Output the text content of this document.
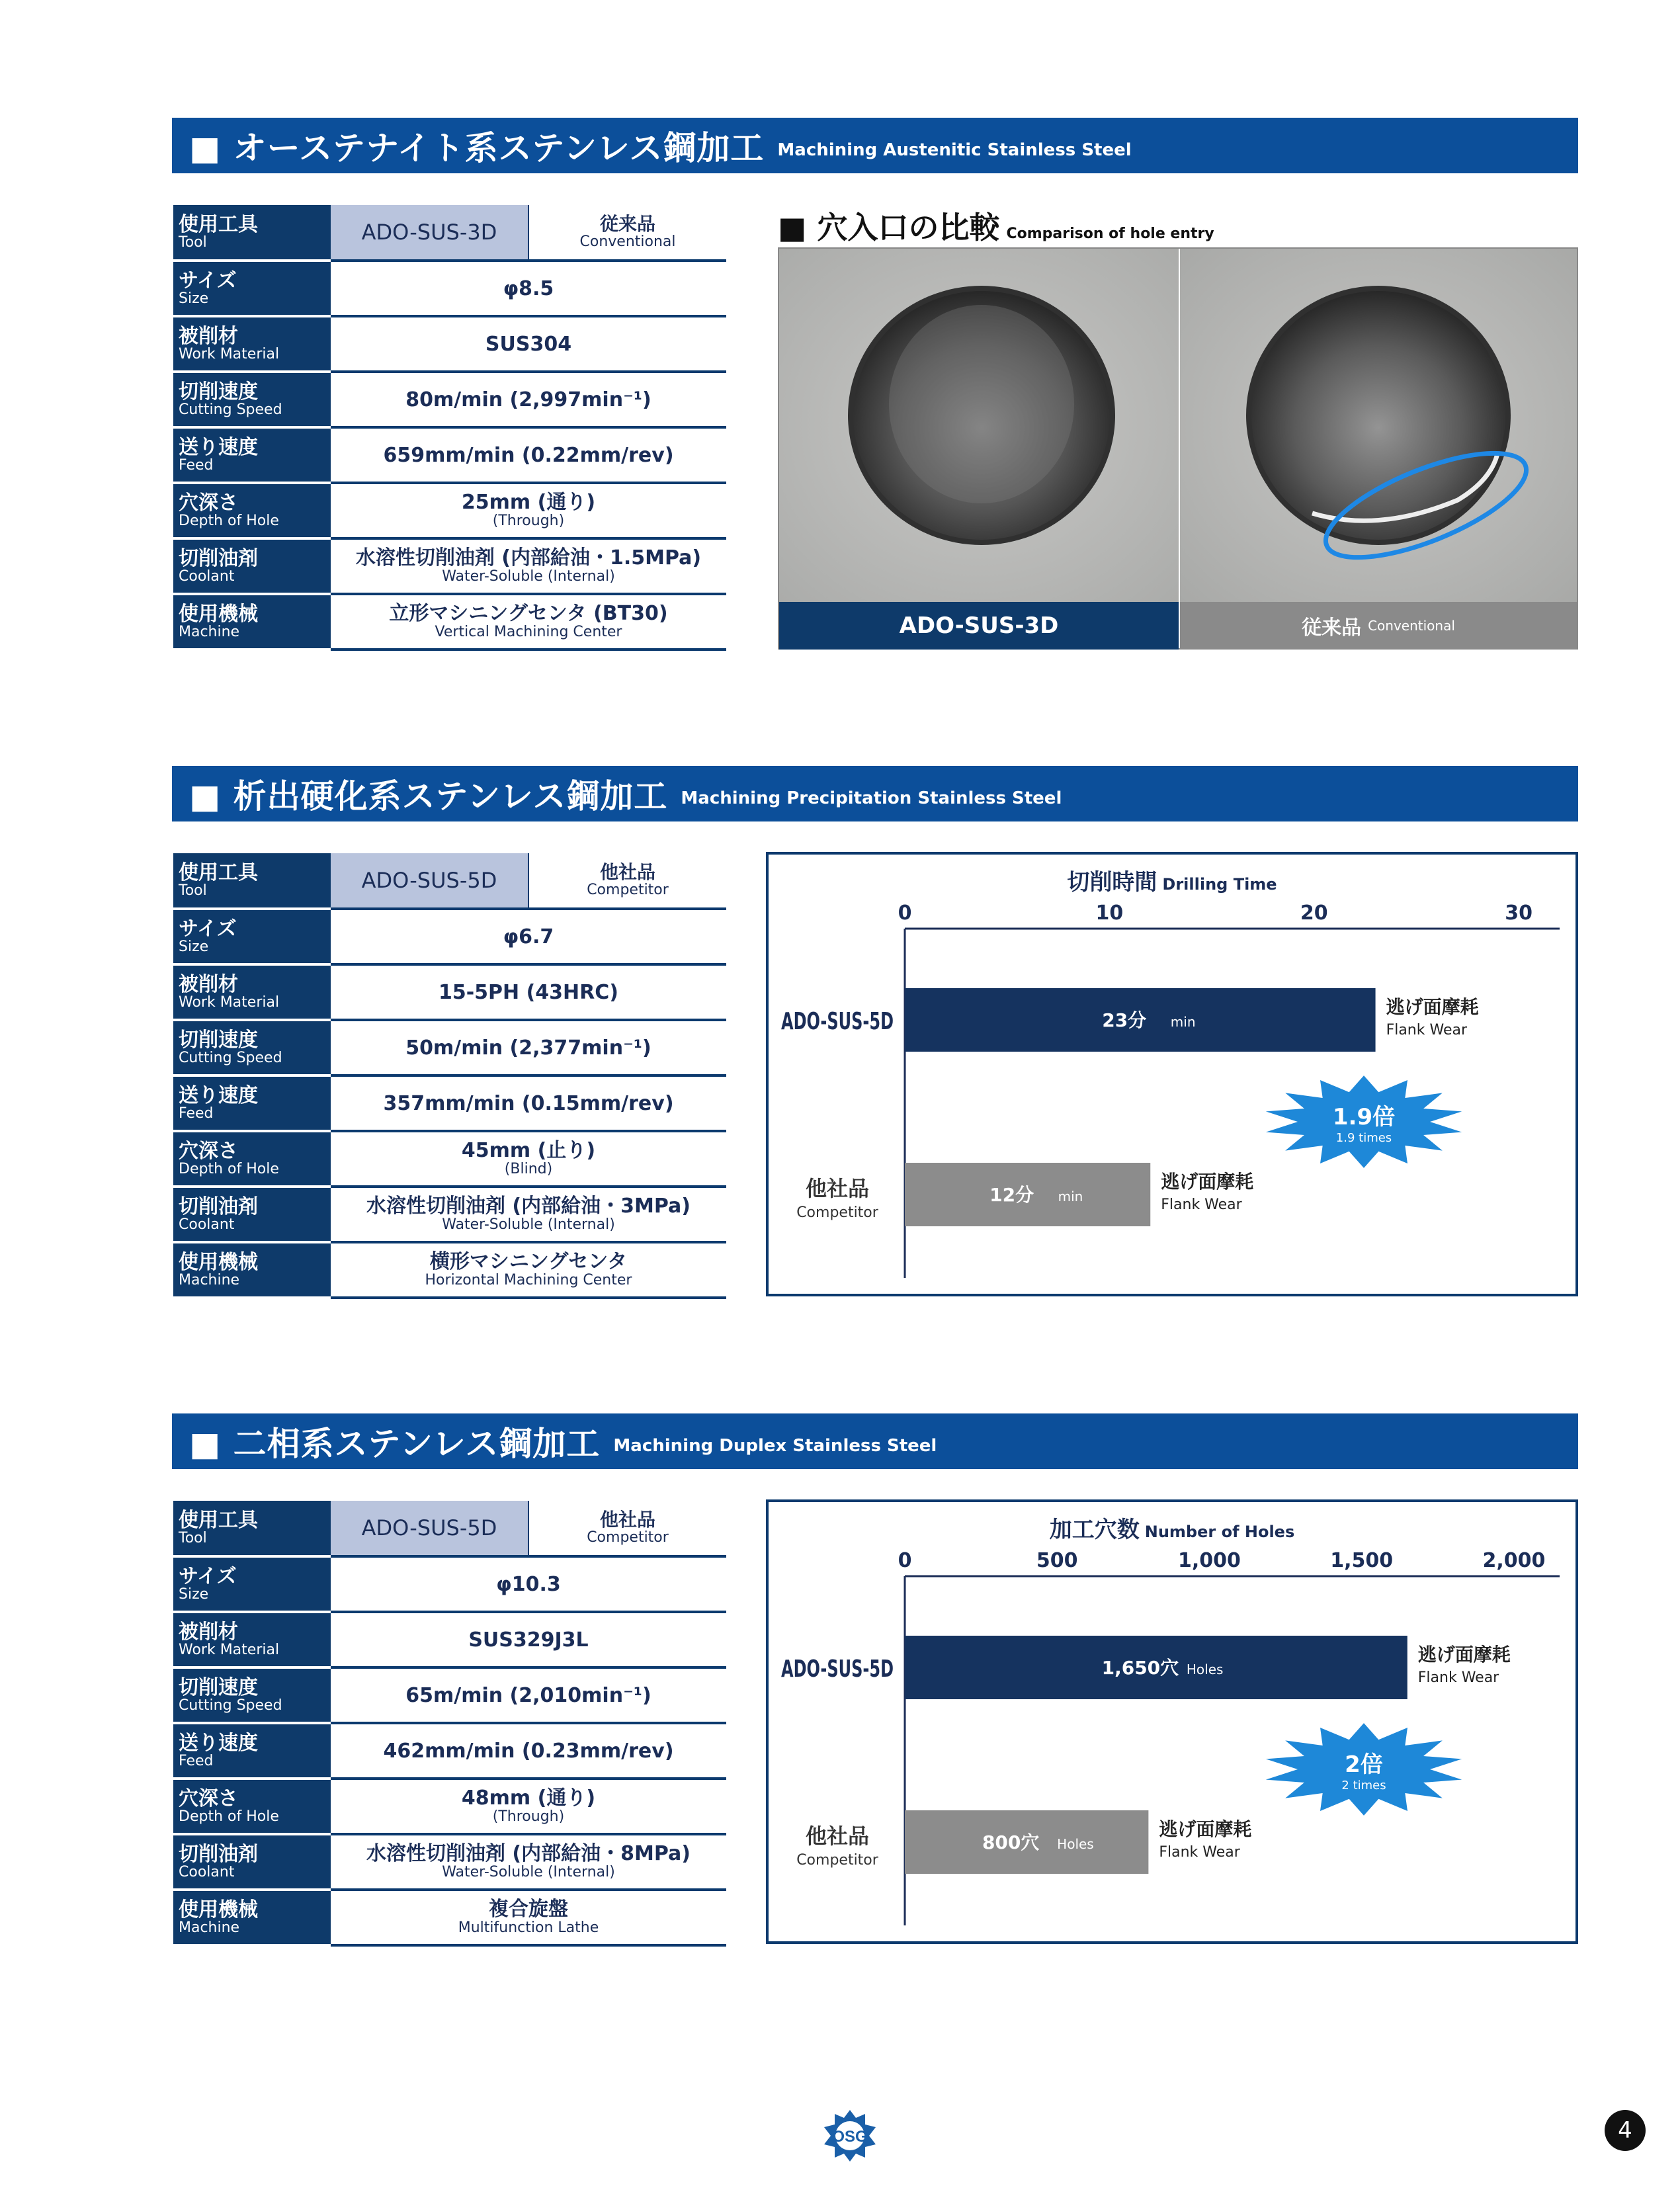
■ オーステナイト系ステンレス鋼加工 Machining Austenitic Stainless Steel
使用工具
Tool	ADO-SUS-3D	従来品
Conventional

サイズ
Size	φ8.5	

被削材
Work Material	SUS304	

切削速度
Cutting Speed	80m/min (2,997min⁻¹)	

送り速度
Feed	659mm/min (0.22mm/rev)	

穴深さ
Depth of Hole	25mm (通り)
(Through)	

切削油剤
Coolant	水溶性切削油剤 (内部給油・1.5MPa)
Water-Soluble (Internal)	

使用機械
Machine	立形マシニングセンタ (BT30)
Vertical Machining Center	
■ 穴入口の比較 Comparison of hole entry
ADO-SUS-3D	従来品 Conventional
■ 析出硬化系ステンレス鋼加工 Machining Precipitation Stainless Steel
使用工具
Tool	ADO-SUS-5D	他社品
Competitor

サイズ
Size	φ6.7	

被削材
Work Material	15-5PH (43HRC)	

切削速度
Cutting Speed	50m/min (2,377min⁻¹)	

送り速度
Feed	357mm/min (0.15mm/rev)	

穴深さ
Depth of Hole	45mm (止り)
(Blind)	

切削油剤
Coolant	水溶性切削油剤 (内部給油・3MPa)
Water-Soluble (Internal)	

使用機械
Machine	横形マシニングセンタ
Horizontal Machining Center	
0	10	20	30
23分 min
逃げ面摩耗
Flank Wear
ADO-SUS-5D
12分 min
逃げ面摩耗
Flank Wear
他社品
Competitor
1.9倍
1.9 times
切削時間 Drilling Time
■ 二相系ステンレス鋼加工 Machining Duplex Stainless Steel
使用工具
Tool	ADO-SUS-5D	他社品
Competitor

サイズ
Size	φ10.3	

被削材
Work Material	SUS329J3L	

切削速度
Cutting Speed	65m/min (2,010min⁻¹)	

送り速度
Feed	462mm/min (0.23mm/rev)	

穴深さ
Depth of Hole	48mm (通り)
(Through)	

切削油剤
Coolant	水溶性切削油剤 (内部給油・8MPa)
Water-Soluble (Internal)	

使用機械
Machine	複合旋盤
Multifunction Lathe	
0	500	1,000	1,500	2,000
1,650穴 Holes
逃げ面摩耗
Flank Wear
ADO-SUS-5D
800穴 Holes
逃げ面摩耗
Flank Wear
他社品
Competitor
2倍
2 times
加工穴数 Number of Holes
OSG	4
